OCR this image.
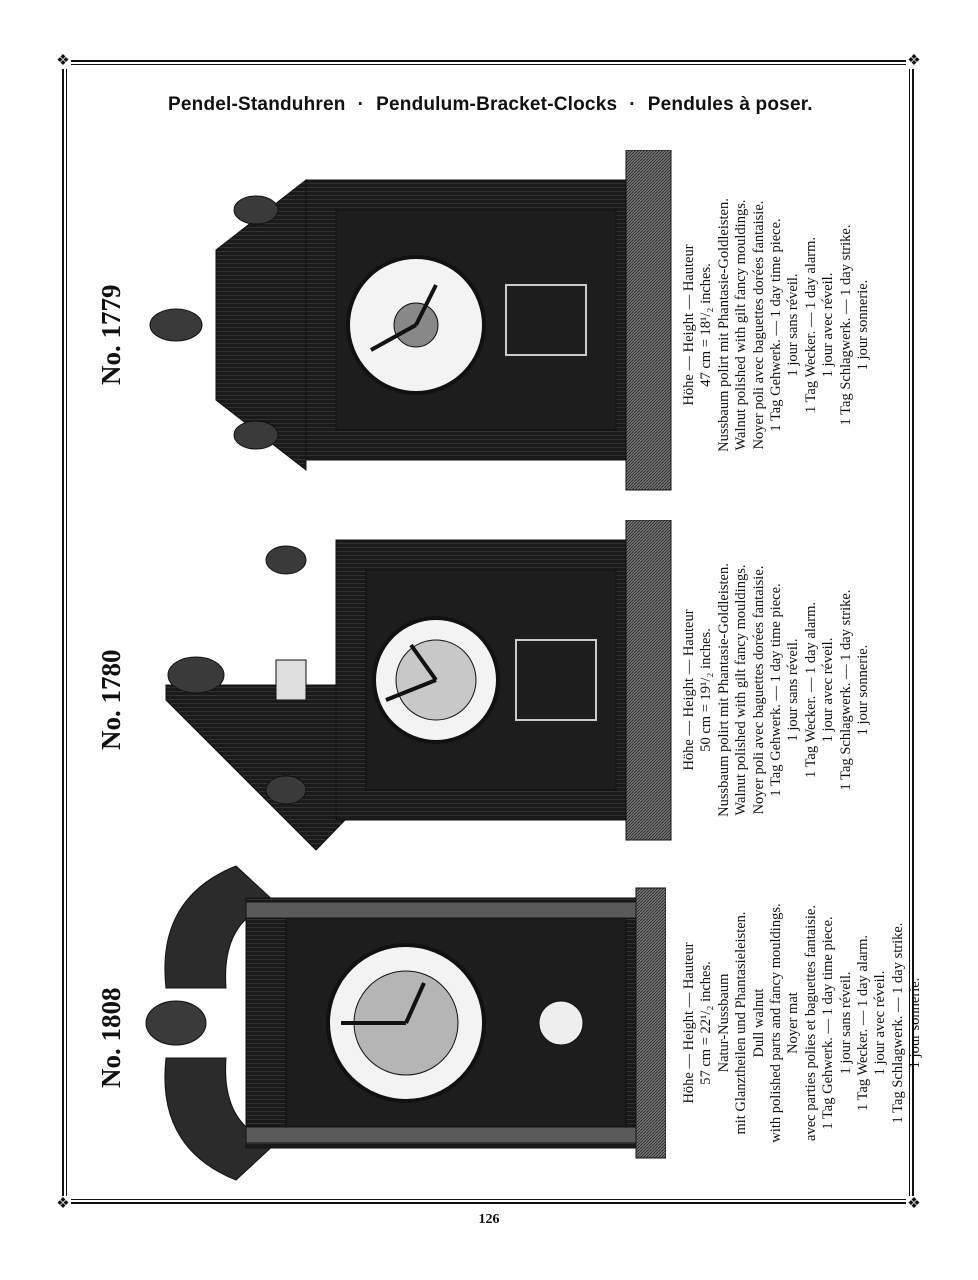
❖	❖
❖	❖
Pendel-Standuhren · Pendulum-Bracket-Clocks · Pendules à poser.
126
No. 1808	Höhe — Height — Hauteur 57 cm = 22¹/₂ inches. Natur-Nussbaum mit Glanztheilen und Phantasieleisten. Dull walnut with polished parts and fancy mouldings. Noyer mat avec parties polies et baguettes fantaisie. 1 Tag Gehwerk. — 1 day time piece. 1 jour sans réveil. 1 Tag Wecker. — 1 day alarm. 1 jour avec réveil. 1 Tag Schlagwerk. — 1 day strike. 1 jour sonnerie.
No. 1780	Höhe — Height — Hauteur 50 cm = 19¹/₂ inches. Nussbaum polirt mit Phantasie-Goldleisten. Walnut polished with gilt fancy mouldings. Noyer poli avec baguettes dorées fantaisie. 1 Tag Gehwerk. — 1 day time piece. 1 jour sans réveil. 1 Tag Wecker. — 1 day alarm. 1 jour avec réveil. 1 Tag Schlagwerk. — 1 day strike. 1 jour sonnerie.
No. 1779	Höhe — Height — Hauteur 47 cm = 18¹/₂ inches. Nussbaum polirt mit Phantasie-Goldleisten. Walnut polished with gilt fancy mouldings. Noyer poli avec baguettes dorées fantaisie. 1 Tag Gehwerk. — 1 day time piece. 1 jour sans réveil. 1 Tag Wecker. — 1 day alarm. 1 jour avec réveil. 1 Tag Schlagwerk. — 1 day strike. 1 jour sonnerie.
